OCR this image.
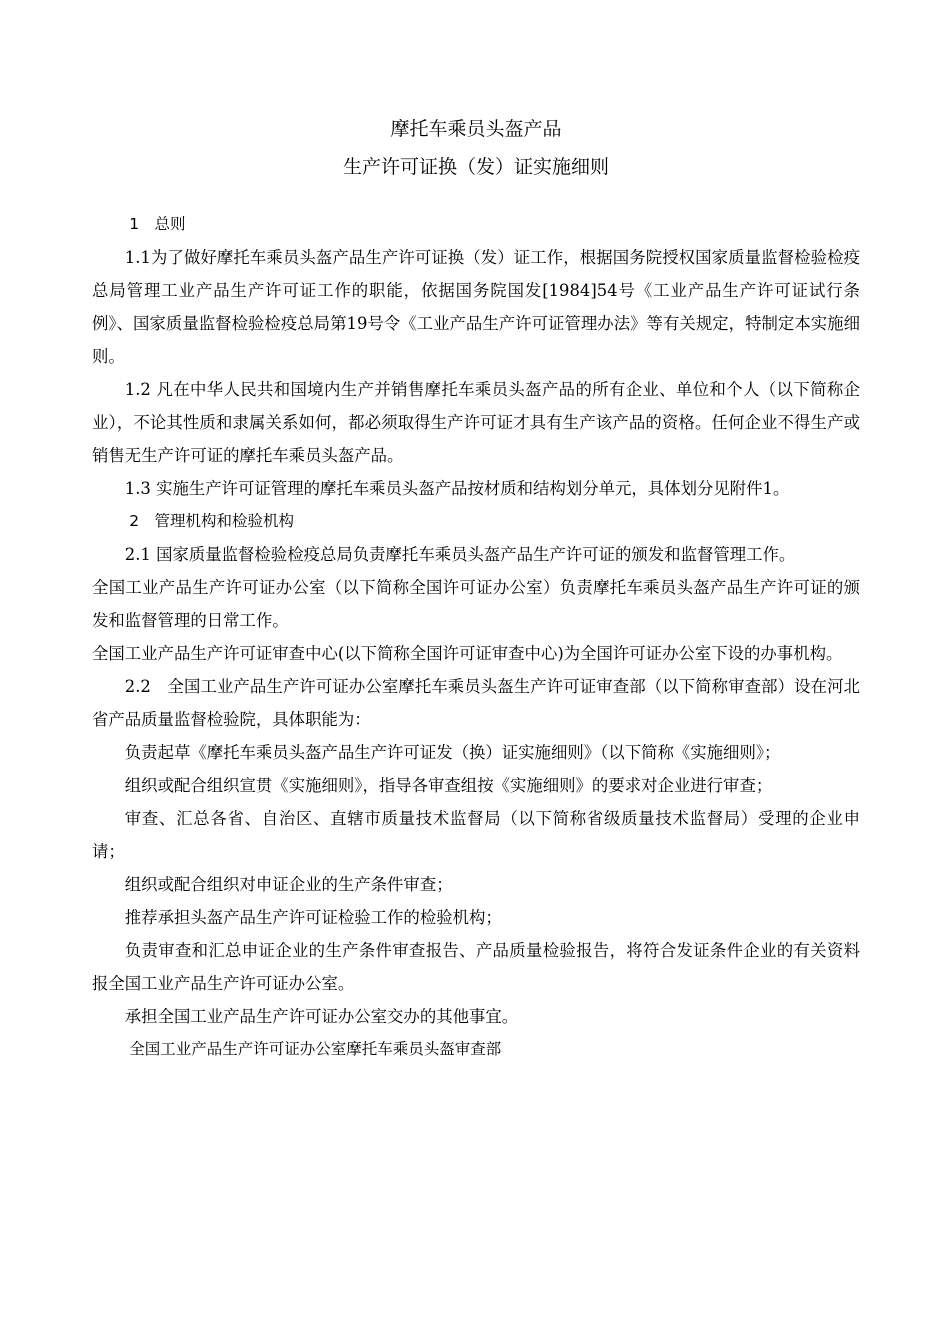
摩托车乘员头盔产品
生产许可证换（发）证实施细则

1　总则

1.1为了做好摩托车乘员头盔产品生产许可证换（发）证工作，根据国务院授权国家质量监督检验检疫总局管理工业产品生产许可证工作的职能，依据国务院国发[1984]54号《工业产品生产许可证试行条例》、国家质量监督检验检疫总局第19号令《工业产品生产许可证管理办法》等有关规定，特制定本实施细则。

1.2 凡在中华人民共和国境内生产并销售摩托车乘员头盔产品的所有企业、单位和个人（以下简称企业），不论其性质和隶属关系如何，都必须取得生产许可证才具有生产该产品的资格。任何企业不得生产或销售无生产许可证的摩托车乘员头盔产品。

1.3 实施生产许可证管理的摩托车乘员头盔产品按材质和结构划分单元，具体划分见附件1。

2　管理机构和检验机构

2.1 国家质量监督检验检疫总局负责摩托车乘员头盔产品生产许可证的颁发和监督管理工作。

全国工业产品生产许可证办公室（以下简称全国许可证办公室）负责摩托车乘员头盔产品生产许可证的颁发和监督管理的日常工作。

全国工业产品生产许可证审查中心(以下简称全国许可证审查中心)为全国许可证办公室下设的办事机构。

2.2　全国工业产品生产许可证办公室摩托车乘员头盔生产许可证审查部（以下简称审查部）设在河北省产品质量监督检验院，具体职能为：

负责起草《摩托车乘员头盔产品生产许可证发（换）证实施细则》（以下简称《实施细则》；

组织或配合组织宣贯《实施细则》，指导各审查组按《实施细则》的要求对企业进行审查；

审查、汇总各省、自治区、直辖市质量技术监督局（以下简称省级质量技术监督局）受理的企业申请；

组织或配合组织对申证企业的生产条件审查；

推荐承担头盔产品生产许可证检验工作的检验机构；

负责审查和汇总申证企业的生产条件审查报告、产品质量检验报告，将符合发证条件企业的有关资料报全国工业产品生产许可证办公室。

承担全国工业产品生产许可证办公室交办的其他事宜。

全国工业产品生产许可证办公室摩托车乘员头盔审查部
